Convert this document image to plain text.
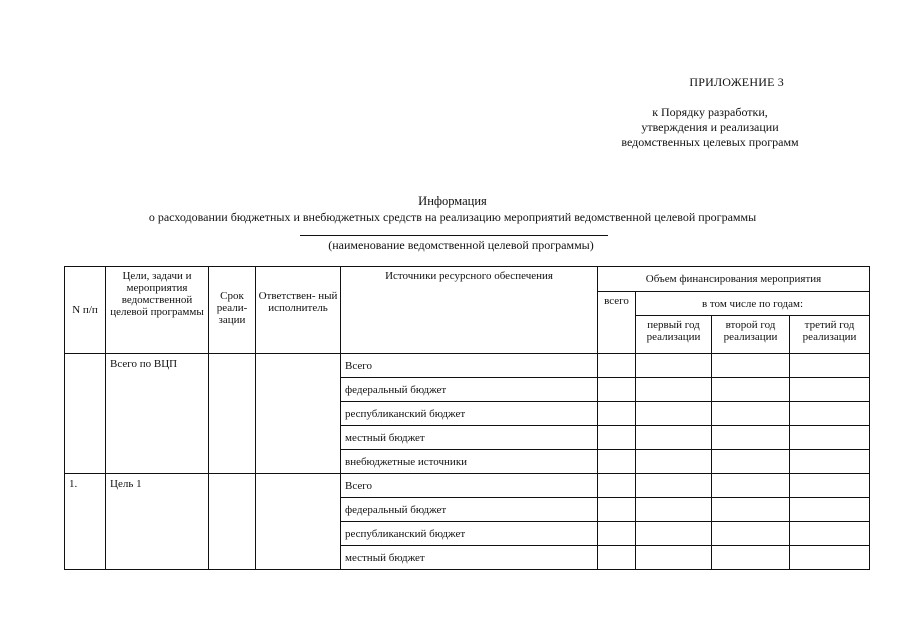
ПРИЛОЖЕНИЕ 3
к Порядку разработки,
утверждения и реализации
ведомственных целевых программ
Информация
о расходовании бюджетных и внебюджетных средств на реализацию мероприятий ведомственной целевой программы
(наименование ведомственной целевой программы)
N п/п	Цели, задачи и мероприятия ведомственной целевой программы	Срок реали- зации	Ответствен- ный исполнитель	Источники ресурсного обеспечения	Объем финансирования мероприятия			
					всего	в том числе по годам:		
						первый год реализации	второй год реализации	третий год реализации
	Всего по ВЦП			Всего				
				федеральный бюджет				
				республиканский бюджет				
				местный бюджет				
				внебюджетные источники				
1.	Цель 1			Всего				
				федеральный бюджет				
				республиканский бюджет				
				местный бюджет				
